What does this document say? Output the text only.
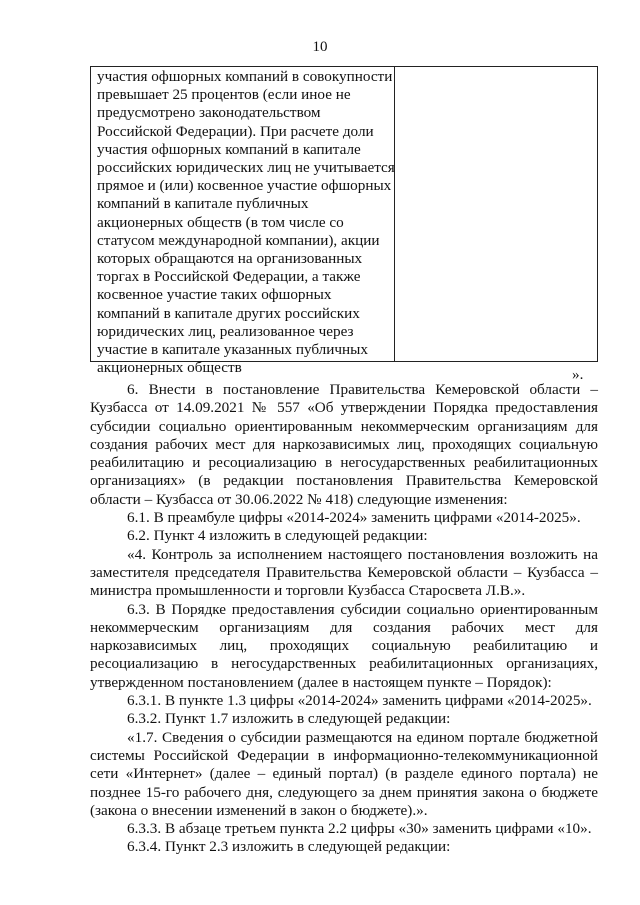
10
участия офшорных компаний в совокупности
превышает 25 процентов (если иное не
предусмотрено законодательством
Российской Федерации). При расчете доли
участия офшорных компаний в капитале
российских юридических лиц не учитывается
прямое и (или) косвенное участие офшорных
компаний в капитале публичных
акционерных обществ (в том числе со
статусом международной компании), акции
которых обращаются на организованных
торгах в Российской Федерации, а также
косвенное участие таких офшорных
компаний в капитале других российских
юридических лиц, реализованное через
участие в капитале указанных публичных
акционерных обществ	».
6. Внести в постановление Правительства Кемеровской области –
Кузбасса от 14.09.2021 № 557 «Об утверждении Порядка предоставления
субсидии социально ориентированным некоммерческим организациям для
создания рабочих мест для наркозависимых лиц, проходящих социальную
реабилитацию и ресоциализацию в негосударственных реабилитационных
организациях» (в редакции постановления Правительства Кемеровской
области – Кузбасса от 30.06.2022 № 418) следующие изменения:
6.1. В преамбуле цифры «2014-2024» заменить цифрами «2014-2025».
6.2. Пункт 4 изложить в следующей редакции:
«4. Контроль за исполнением настоящего постановления возложить на
заместителя председателя Правительства Кемеровской области – Кузбасса –
министра промышленности и торговли Кузбасса Старосвета Л.В.».
6.3. В Порядке предоставления субсидии социально ориентированным
некоммерческим организациям для создания рабочих мест для
наркозависимых лиц, проходящих социальную реабилитацию и
ресоциализацию в негосударственных реабилитационных организациях,
утвержденном постановлением (далее в настоящем пункте – Порядок):
6.3.1. В пункте 1.3 цифры «2014-2024» заменить цифрами «2014-2025».
6.3.2. Пункт 1.7 изложить в следующей редакции:
«1.7. Сведения о субсидии размещаются на едином портале бюджетной
системы Российской Федерации в информационно-телекоммуникационной
сети «Интернет» (далее – единый портал) (в разделе единого портала) не
позднее 15-го рабочего дня, следующего за днем принятия закона о бюджете
(закона о внесении изменений в закон о бюджете).».
6.3.3. В абзаце третьем пункта 2.2 цифры «30» заменить цифрами «10».
6.3.4. Пункт 2.3 изложить в следующей редакции:
